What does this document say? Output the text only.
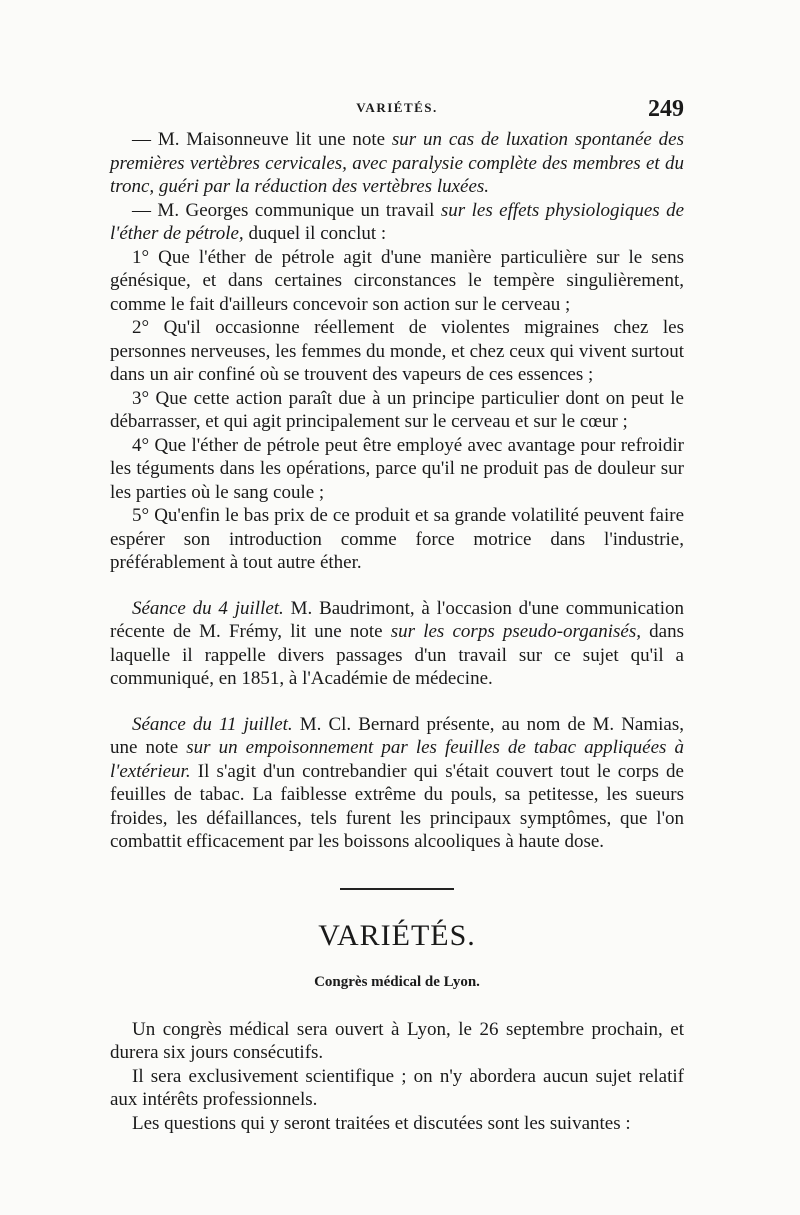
VARIÉTÉS.	249

— M. Maisonneuve lit une note sur un cas de luxation spontanée des premières vertèbres cervicales, avec paralysie complète des membres et du tronc, guéri par la réduction des vertèbres luxées.

— M. Georges communique un travail sur les effets physiologiques de l'éther de pétrole, duquel il conclut :

1° Que l'éther de pétrole agit d'une manière particulière sur le sens génésique, et dans certaines circonstances le tempère singulièrement, comme le fait d'ailleurs concevoir son action sur le cerveau ;

2° Qu'il occasionne réellement de violentes migraines chez les personnes nerveuses, les femmes du monde, et chez ceux qui vivent surtout dans un air confiné où se trouvent des vapeurs de ces essences ;

3° Que cette action paraît due à un principe particulier dont on peut le débarrasser, et qui agit principalement sur le cerveau et sur le cœur ;

4° Que l'éther de pétrole peut être employé avec avantage pour refroidir les téguments dans les opérations, parce qu'il ne produit pas de douleur sur les parties où le sang coule ;

5° Qu'enfin le bas prix de ce produit et sa grande volatilité peuvent faire espérer son introduction comme force motrice dans l'industrie, préférablement à tout autre éther.

Séance du 4 juillet. M. Baudrimont, à l'occasion d'une communication récente de M. Frémy, lit une note sur les corps pseudo-organisés, dans laquelle il rappelle divers passages d'un travail sur ce sujet qu'il a communiqué, en 1851, à l'Académie de médecine.

Séance du 11 juillet. M. Cl. Bernard présente, au nom de M. Namias, une note sur un empoisonnement par les feuilles de tabac appliquées à l'extérieur. Il s'agit d'un contrebandier qui s'était couvert tout le corps de feuilles de tabac. La faiblesse extrême du pouls, sa petitesse, les sueurs froides, les défaillances, tels furent les principaux symptômes, que l'on combattit efficacement par les boissons alcooliques à haute dose.

VARIÉTÉS.
Congrès médical de Lyon.

Un congrès médical sera ouvert à Lyon, le 26 septembre prochain, et durera six jours consécutifs.

Il sera exclusivement scientifique ; on n'y abordera aucun sujet relatif aux intérêts professionnels.

Les questions qui y seront traitées et discutées sont les suivantes :
